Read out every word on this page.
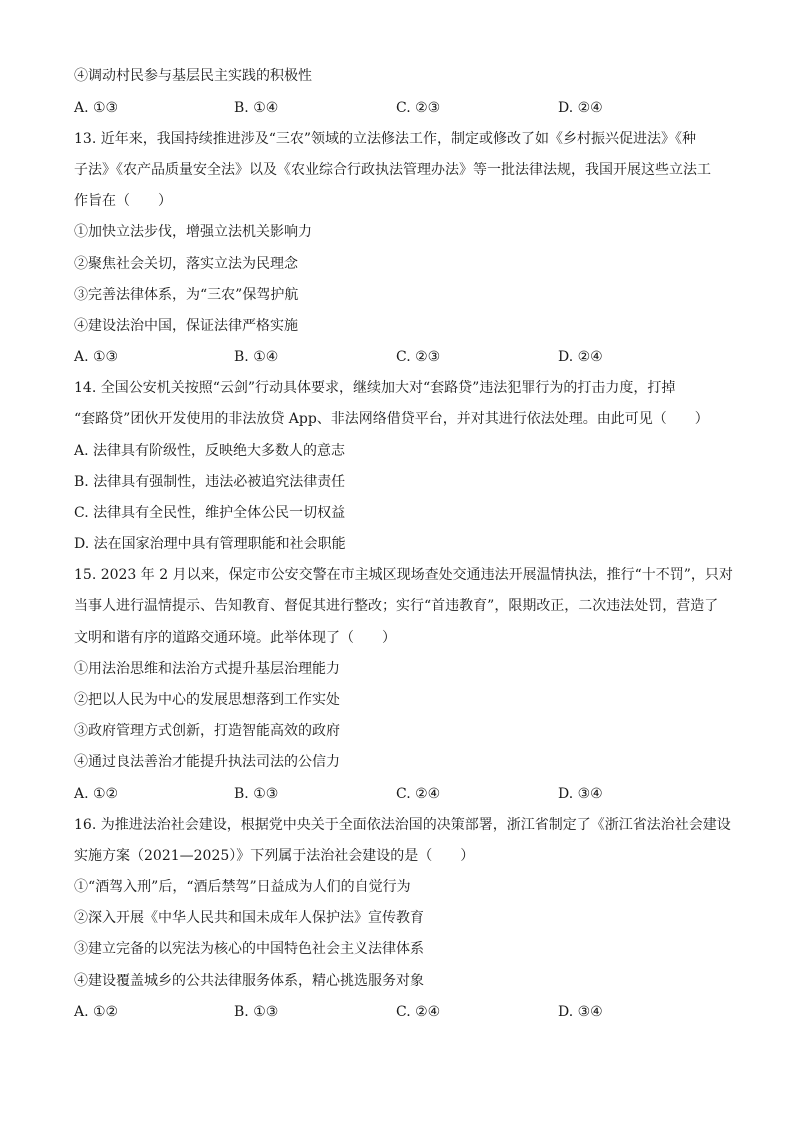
④调动村民参与基层民主实践的积极性
A. ①③	B. ①④	C. ②③	D. ②④
13. 近年来，我国持续推进涉及“三农”领域的立法修法工作，制定或修改了如《乡村振兴促进法》《种
子法》《农产品质量安全法》以及《农业综合行政执法管理办法》等一批法律法规，我国开展这些立法工
作旨在（　　）
①加快立法步伐，增强立法机关影响力
②聚焦社会关切，落实立法为民理念
③完善法律体系，为“三农”保驾护航
④建设法治中国，保证法律严格实施
A. ①③	B. ①④	C. ②③	D. ②④
14. 全国公安机关按照“云剑”行动具体要求，继续加大对“套路贷”违法犯罪行为的打击力度，打掉
“套路贷”团伙开发使用的非法放贷 App、非法网络借贷平台，并对其进行依法处理。由此可见（　　）
A. 法律具有阶级性，反映绝大多数人的意志
B. 法律具有强制性，违法必被追究法律责任
C. 法律具有全民性，维护全体公民一切权益
D. 法在国家治理中具有管理职能和社会职能
15. 2023 年 2 月以来，保定市公安交警在市主城区现场查处交通违法开展温情执法，推行“十不罚”，只对
当事人进行温情提示、告知教育、督促其进行整改；实行“首违教育”，限期改正，二次违法处罚，营造了
文明和谐有序的道路交通环境。此举体现了（　　）
①用法治思维和法治方式提升基层治理能力
②把以人民为中心的发展思想落到工作实处
③政府管理方式创新，打造智能高效的政府
④通过良法善治才能提升执法司法的公信力
A. ①②	B. ①③	C. ②④	D. ③④
16. 为推进法治社会建设，根据党中央关于全面依法治国的决策部署，浙江省制定了《浙江省法治社会建设
实施方案（2021—2025）》下列属于法治社会建设的是（　　）
①“酒驾入刑”后，“酒后禁驾”日益成为人们的自觉行为
②深入开展《中华人民共和国未成年人保护法》宣传教育
③建立完备的以宪法为核心的中国特色社会主义法律体系
④建设覆盖城乡的公共法律服务体系，精心挑选服务对象
A. ①②	B. ①③	C. ②④	D. ③④
